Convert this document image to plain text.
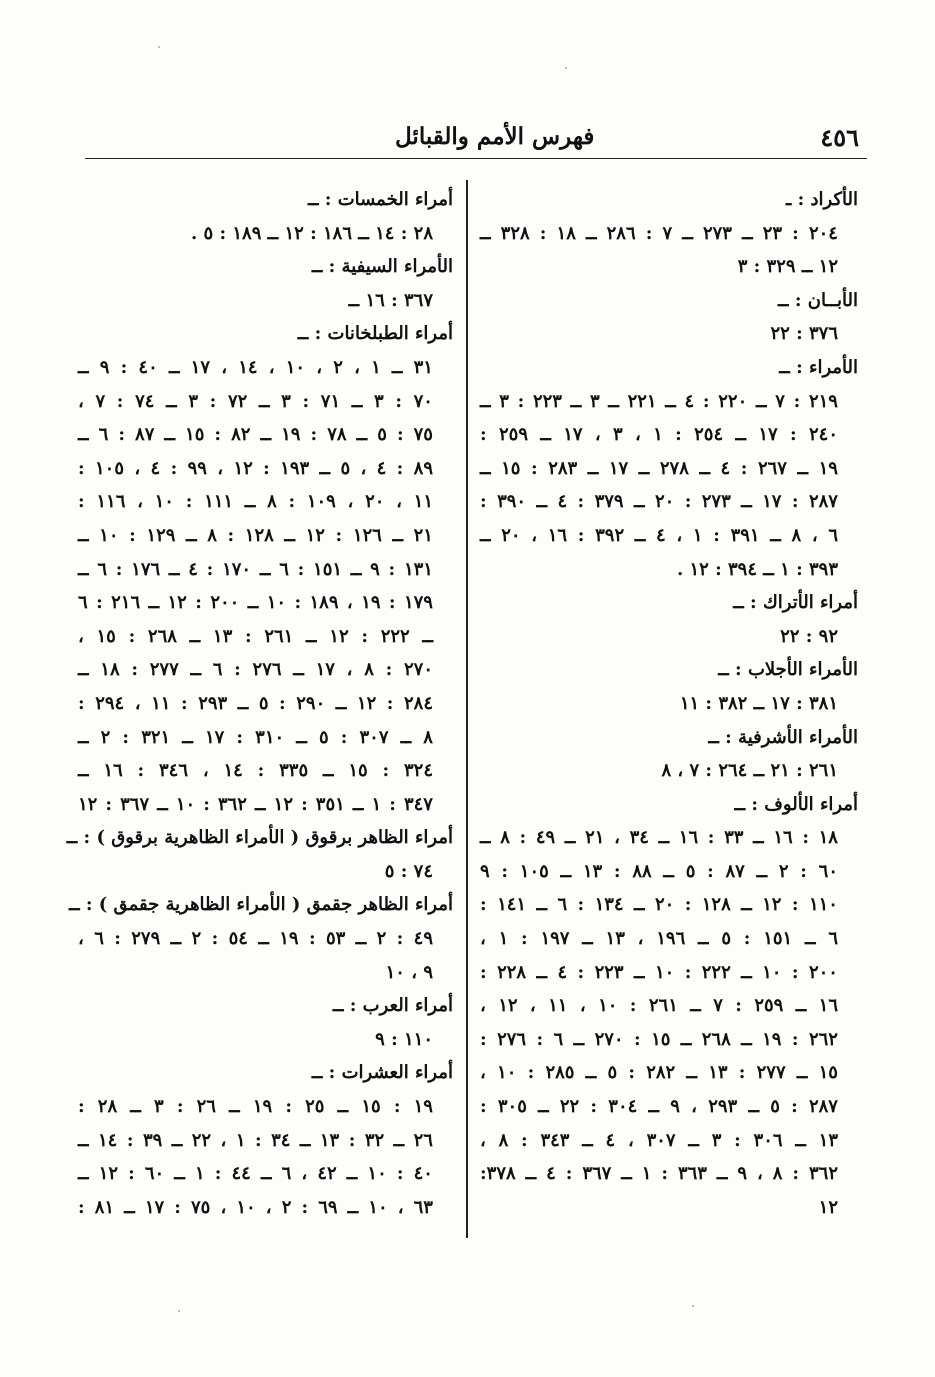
٤٥٦
فهرس الأمم والقبائل
الأكراد : ـ
٢٠٤ : ٢٣ ــ ٢٧٣ ــ ٧ : ٢٨٦ ــ ١٨ : ٣٢٨ ــ
١٢ ــ ٣٢٩ : ٣
الأبــان : ــ
٣٧٦ : ٢٢
الأمراء : ــ
٢١٩ : ٧ ــ ٢٢٠ : ٤ ــ ٢٢١ ــ ٣ ــ ٢٢٣ : ٣ ــ
٢٤٠ : ١٧ ــ ٢٥٤ : ١ ، ٣ ، ١٧ ــ ٢٥٩ :
١٩ ــ ٢٦٧ : ٤ ــ ٢٧٨ ــ ١٧ ــ ٢٨٣ : ١٥ ــ
٢٨٧ : ١٧ ــ ٢٧٣ : ٢٠ ــ ٣٧٩ : ٤ ــ ٣٩٠ :
٦ ، ٨ ــ ٣٩١ : ١ ، ٤ ــ ٣٩٢ : ١٦ ، ٢٠ ــ
٣٩٣ : ١ ــ ٣٩٤ : ١٢ .
أمراء الأتراك : ــ
٩٢ : ٢٢
الأمراء الأجلاب : ــ
٣٨١ : ١٧ ــ ٣٨٢ : ١١
الأمراء الأشرفية : ــ
٢٦١ : ٢١ ــ ٢٦٤ : ٧ ، ٨
أمراء الألوف : ــ
١٨ : ١٦ ــ ٣٣ : ١٦ ــ ٣٤ ، ٢١ ــ ٤٩ : ٨ ــ
٦٠ : ٢ ــ ٨٧ : ٥ ــ ٨٨ : ١٣ ــ ١٠٥ : ٩
١١٠ : ١٢ ــ ١٢٨ : ٢٠ ــ ١٣٤ : ٦ ــ ١٤١ :
٦ ــ ١٥١ : ٥ ــ ١٩٦ ، ١٣ ــ ١٩٧ : ١ ،
٢٠٠ : ١٠ ــ ٢٢٢ : ١٠ ــ ٢٢٣ : ٤ ــ ٢٢٨ :
١٦ ــ ٢٥٩ : ٧ ــ ٢٦١ : ١٠ ، ١١ ، ١٢ ،
٢٦٢ : ١٩ ــ ٢٦٨ ــ ١٥ : ٢٧٠ ــ ٦ : ٢٧٦ :
١٥ ــ ٢٧٧ : ١٣ ــ ٢٨٢ : ٥ ــ ٢٨٥ : ١٠ ،
٢٨٧ : ٥ ــ ٢٩٣ ، ٩ ــ ٣٠٤ : ٢٢ ــ ٣٠٥ :
١٣ ــ ٣٠٦ : ٣ ــ ٣٠٧ ، ٤ ــ ٣٤٣ : ٨ ،
٣٦٢ : ٨ ، ٩ ــ ٣٦٣ : ١ ــ ٣٦٧ : ٤ ــ ٣٧٨:
١٢
أمراء الخمسات : ــ
٢٨ : ١٤ ــ ١٨٦ : ١٢ ــ ١٨٩ : ٥ .
الأمراء السيفية : ــ
٣٦٧ : ١٦ ــ
أمراء الطبلخانات : ــ
٣١ ــ ١ ، ٢ ، ١٠ ، ١٤ ، ١٧ ــ ٤٠ : ٩ ــ
٧٠ : ٣ ــ ٧١ : ٣ ــ ٧٢ : ٣ ــ ٧٤ : ٧ ،
٧٥ : ٥ ــ ٧٨ : ١٩ ــ ٨٢ : ١٥ ــ ٨٧ : ٦ ــ
٨٩ : ٤ ، ٥ ــ ١٩٣ : ١٢ ، ٩٩ : ٤ ، ١٠٥ :
١١ ، ٢٠ ، ١٠٩ : ٨ ــ ١١١ : ١٠ ، ١١٦ :
٢١ ــ ١٢٦ : ١٢ ــ ١٢٨ : ٨ ــ ١٢٩ : ١٠ ــ
١٣١ : ٩ ــ ١٥١ : ٦ ــ ١٧٠ : ٤ ــ ١٧٦ : ٦ ــ
١٧٩ : ١٩ ، ١٨٩ : ١٠ ــ ٢٠٠ : ١٢ ــ ٢١٦ : ٦
ــ ٢٢٢ : ١٢ ــ ٢٦١ : ١٣ ــ ٢٦٨ : ١٥ ،
٢٧٠ : ٨ ، ١٧ ــ ٢٧٦ : ٦ ــ ٢٧٧ : ١٨ ــ
٢٨٤ : ١٢ ــ ٢٩٠ : ٥ ــ ٢٩٣ : ١١ ، ٢٩٤ :
٨ ــ ٣٠٧ : ٥ ــ ٣١٠ : ١٧ ــ ٣٢١ : ٢ ــ
٣٢٤ : ١٥ ــ ٣٣٥ : ١٤ ، ٣٤٦ : ١٦ ــ
٣٤٧ : ١ ــ ٣٥١ : ١٢ ــ ٣٦٢ : ١٠ ــ ٣٦٧ : ١٢
أمراء الظاهر برقوق ( الأمراء الظاهرية برقوق ) : ــ
٧٤ : ٥
أمراء الظاهر جقمق ( الأمراء الظاهرية جقمق ) : ــ
٤٩ : ٢ ــ ٥٣ : ١٩ ــ ٥٤ : ٢ ــ ٢٧٩ : ٦ ،
٩ ، ١٠
أمراء العرب : ــ
١١٠ : ٩
أمراء العشرات : ــ
١٩ : ١٥ ــ ٢٥ : ١٩ ــ ٢٦ : ٣ ــ ٢٨ :
٢٦ ــ ٣٢ : ١٣ ــ ٣٤ : ١ ، ٢٢ ــ ٣٩ : ١٤ ــ
٤٠ : ١٠ ــ ٤٢ ، ٦ ــ ٤٤ : ١ ــ ٦٠ : ١٢ ــ
٦٣ ، ١٠ ــ ٦٩ : ٢ ، ١٠ ، ٧٥ : ١٧ ــ ٨١ :
